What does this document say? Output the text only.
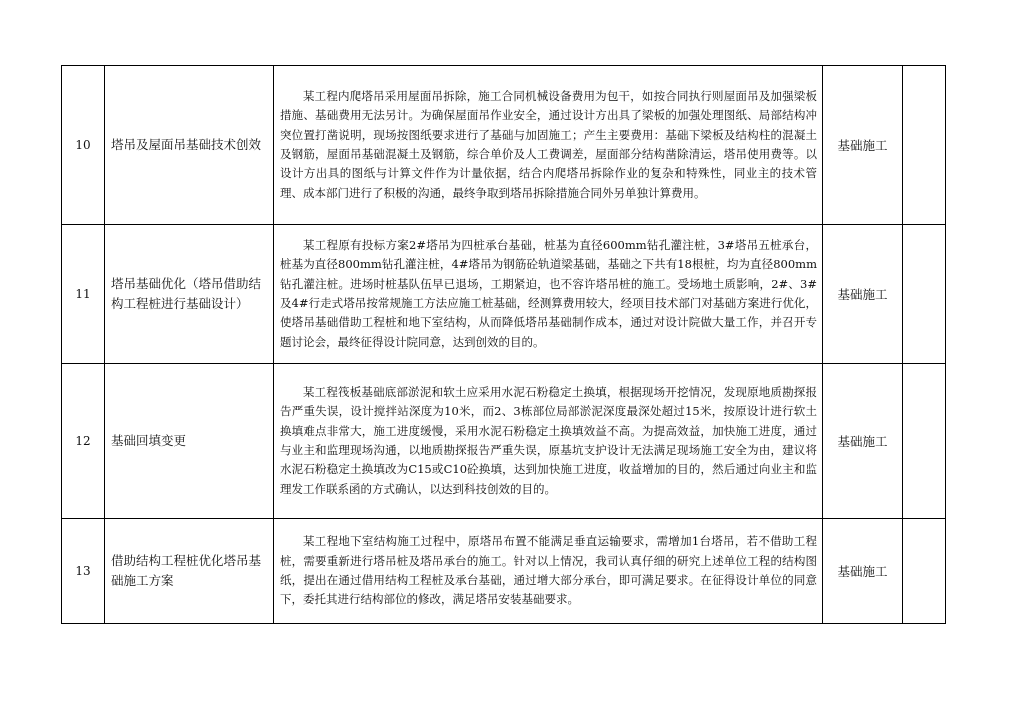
10	塔吊及屋面吊基础技术创效	某工程内爬塔吊采用屋面吊拆除，施工合同机械设备费用为包干，如按合同执行则屋面吊及加强梁板措施、基础费用无法另计。为确保屋面吊作业安全，通过设计方出具了梁板的加强处理图纸、局部结构冲突位置打凿说明，现场按图纸要求进行了基础与加固施工；产生主要费用：基础下梁板及结构柱的混凝土及钢筋，屋面吊基础混凝土及钢筋，综合单价及人工费调差，屋面部分结构凿除清运，塔吊使用费等。以设计方出具的图纸与计算文件作为计量依据，结合内爬塔吊拆除作业的复杂和特殊性，同业主的技术管理、成本部门进行了积极的沟通，最终争取到塔吊拆除措施合同外另单独计算费用。	基础施工	
11	塔吊基础优化（塔吊借助结构工程桩进行基础设计）	某工程原有投标方案2#塔吊为四桩承台基础，桩基为直径600mm钻孔灌注桩，3#塔吊五桩承台，桩基为直径800mm钻孔灌注桩，4#塔吊为钢筋砼轨道梁基础，基础之下共有18根桩，均为直径800mm钻孔灌注桩。进场时桩基队伍早已退场，工期紧迫，也不容许塔吊桩的施工。受场地土质影响，2#、3#及4#行走式塔吊按常规施工方法应施工桩基础，经测算费用较大，经项目技术部门对基础方案进行优化，使塔吊基础借助工程桩和地下室结构，从而降低塔吊基础制作成本，通过对设计院做大量工作，并召开专题讨论会，最终征得设计院同意，达到创效的目的。	基础施工	
12	基础回填变更	某工程筏板基础底部淤泥和软土应采用水泥石粉稳定土换填，根据现场开挖情况，发现原地质勘探报告严重失误，设计搅拌站深度为10米，而2、3栋部位局部淤泥深度最深处超过15米，按原设计进行软土换填难点非常大，施工进度缓慢，采用水泥石粉稳定土换填效益不高。为提高效益，加快施工进度，通过与业主和监理现场沟通，以地质勘探报告严重失误，原基坑支护设计无法满足现场施工安全为由，建议将水泥石粉稳定土换填改为C15或C10砼换填，达到加快施工进度，收益增加的目的，然后通过向业主和监理发工作联系函的方式确认，以达到科技创效的目的。	基础施工	
13	借助结构工程桩优化塔吊基础施工方案	某工程地下室结构施工过程中，原塔吊布置不能满足垂直运输要求，需增加1台塔吊，若不借助工程桩，需要重新进行塔吊桩及塔吊承台的施工。针对以上情况，我司认真仔细的研究上述单位工程的结构图纸，提出在通过借用结构工程桩及承台基础，通过增大部分承台，即可满足要求。在征得设计单位的同意下，委托其进行结构部位的修改，满足塔吊安装基础要求。	基础施工	
